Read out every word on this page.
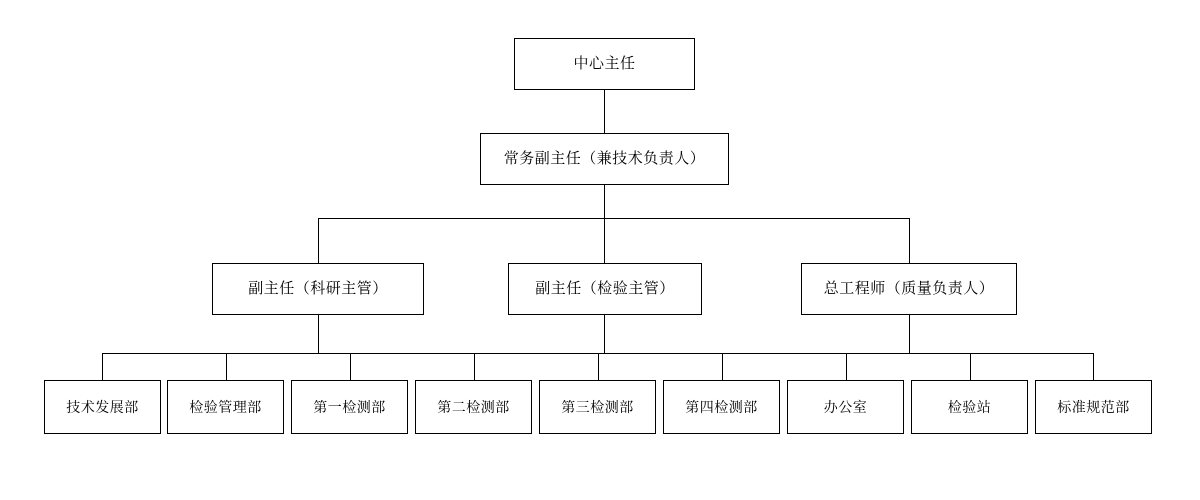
中心主任
常务副主任（兼技术负责人）
副主任（科研主管）	副主任（检验主管）	总工程师（质量负责人）
技术发展部	检验管理部	第一检测部	第二检测部	第三检测部	第四检测部	办公室	检验站	标准规范部
